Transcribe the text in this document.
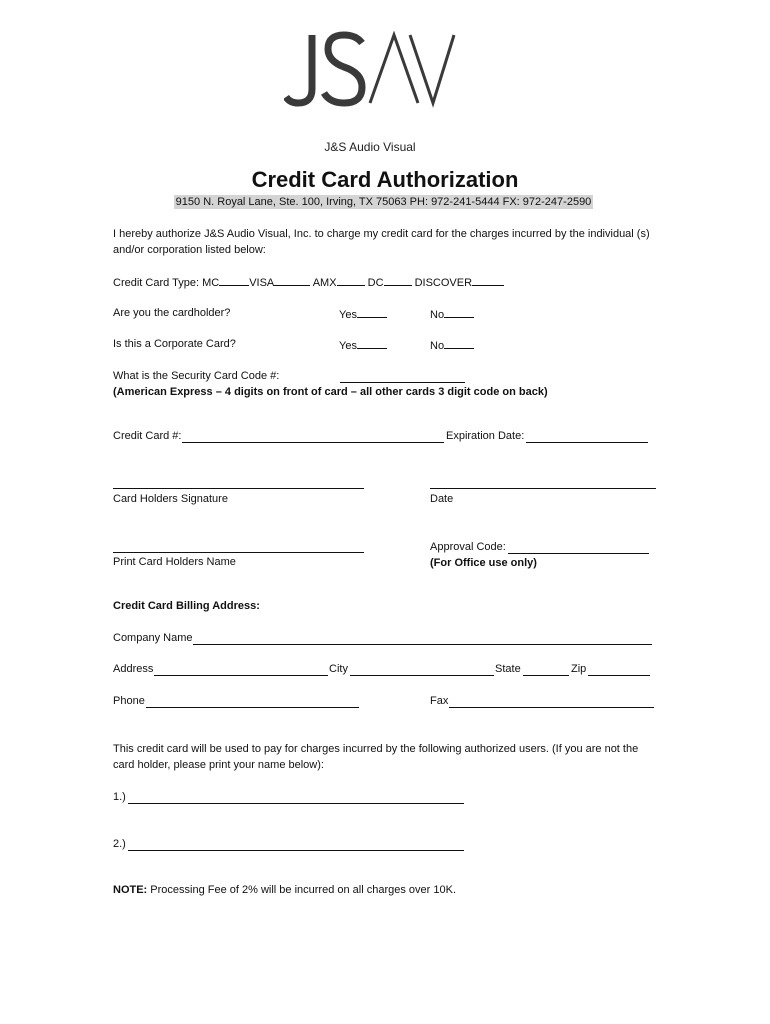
J&S Audio Visual
Credit Card Authorization
9150 N. Royal Lane, Ste. 100, Irving, TX 75063 PH: 972-241-5444 FX: 972-247-2590
I hereby authorize J&S Audio Visual, Inc. to charge my credit card for the charges incurred by the individual (s) and/or corporation listed below:
Credit Card Type: MC	VISA	AMX	DC	DISCOVER
Are you the cardholder?	Yes	No
Is this a Corporate Card?	Yes	No
What is the Security Card Code #:
(American Express – 4 digits on front of card – all other cards 3 digit code on back)
Credit Card #:	Expiration Date:
Card Holders Signature	Date
Print Card Holders Name
Approval Code:
(For Office use only)
Credit Card Billing Address:
Company Name
Address	City	State	Zip
Phone	Fax
This credit card will be used to pay for charges incurred by the following authorized users. (If you are not the card holder, please print your name below):
1.)
2.)
NOTE: Processing Fee of 2% will be incurred on all charges over 10K.
